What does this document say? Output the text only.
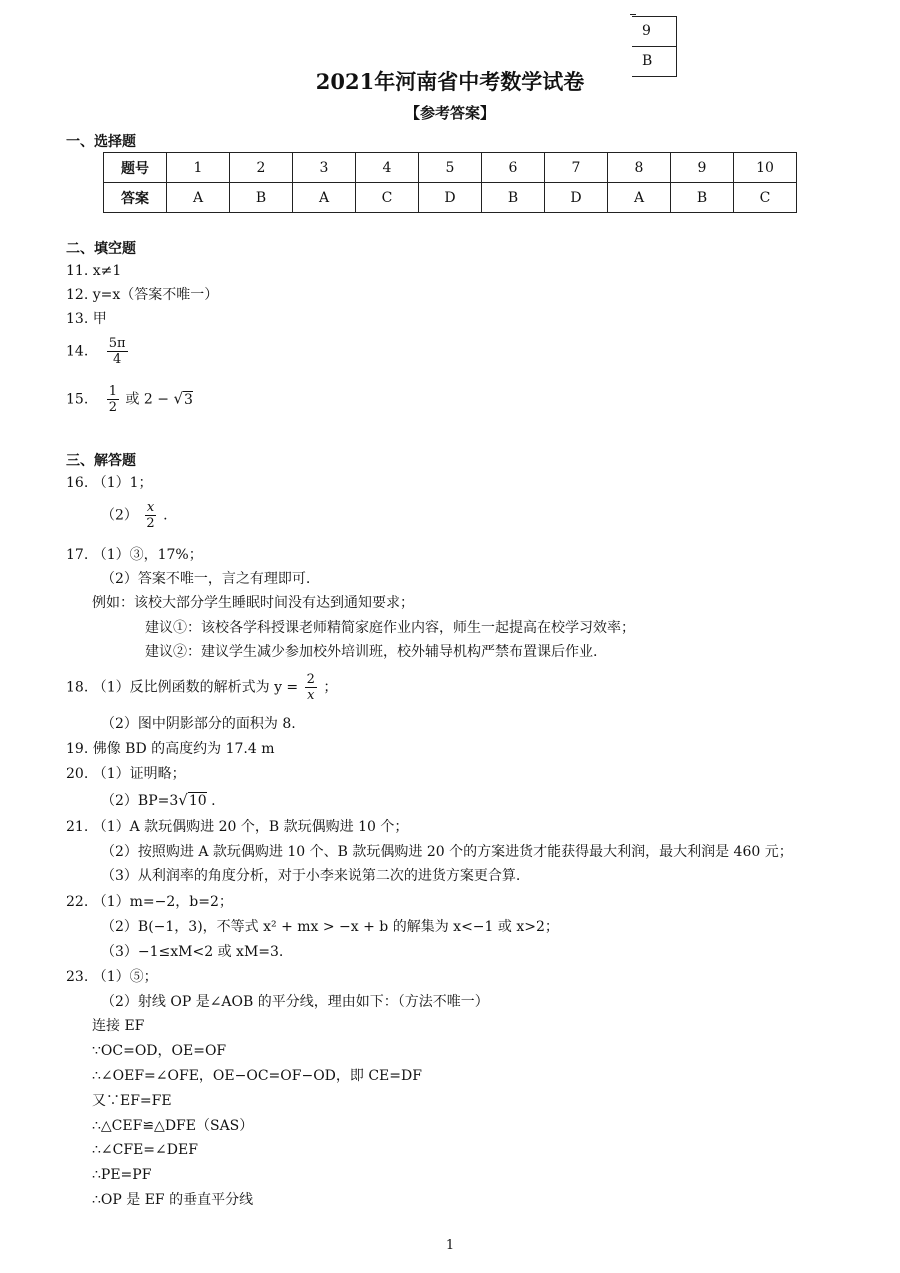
9
B
2021年河南省中考数学试卷
【参考答案】
一、选择题
题号	1	2	3	4	5	6	7	8	9	10
答案	A	B	A	C	D	B	D	A	B	C
二、填空题
11. x≠1
12. y=x（答案不唯一）
13. 甲
14. $\frac{5\pi}{4}$
15. $\frac{1}{2}$ 或 2 − √3
三、解答题
16. （1）1；
$(2) \frac{x}{2}$ .
17. （1）③，17%；
（2）答案不唯一，言之有理即可.
例如：该校大部分学生睡眠时间没有达到通知要求；
建议①：该校各学科授课老师精简家庭作业内容，师生一起提高在校学习效率；
建议②：建议学生减少参加校外培训班，校外辅导机构严禁布置课后作业.
18. （1）反比例函数的解析式为 $y = \frac{2}{x}$ ；
（2）图中阴影部分的面积为 8.
19. 佛像 BD 的高度约为 17.4 m
20. （1）证明略；
（2）BP=3√10 .
21. （1）A 款玩偶购进 20 个，B 款玩偶购进 10 个；
（2）按照购进 A 款玩偶购进 10 个、B 款玩偶购进 20 个的方案进货才能获得最大利润，最大利润是 460 元；
（3）从利润率的角度分析，对于小李来说第二次的进货方案更合算.
22. （1）m=−2，b=2；
（2）B(−1，3)，不等式 x² + mx > −x + b 的解集为 x<−1 或 x>2；
（3）−1≤xM<2 或 xM=3.
23. （1）⑤；
（2）射线 OP 是∠AOB 的平分线，理由如下：（方法不唯一）
连接 EF
∵OC=OD，OE=OF
∴∠OEF=∠OFE，OE−OC=OF−OD，即 CE=DF
又∵EF=FE
∴△CEF≌△DFE（SAS）
∴∠CFE=∠DEF
∴PE=PF
∴OP 是 EF 的垂直平分线
1
